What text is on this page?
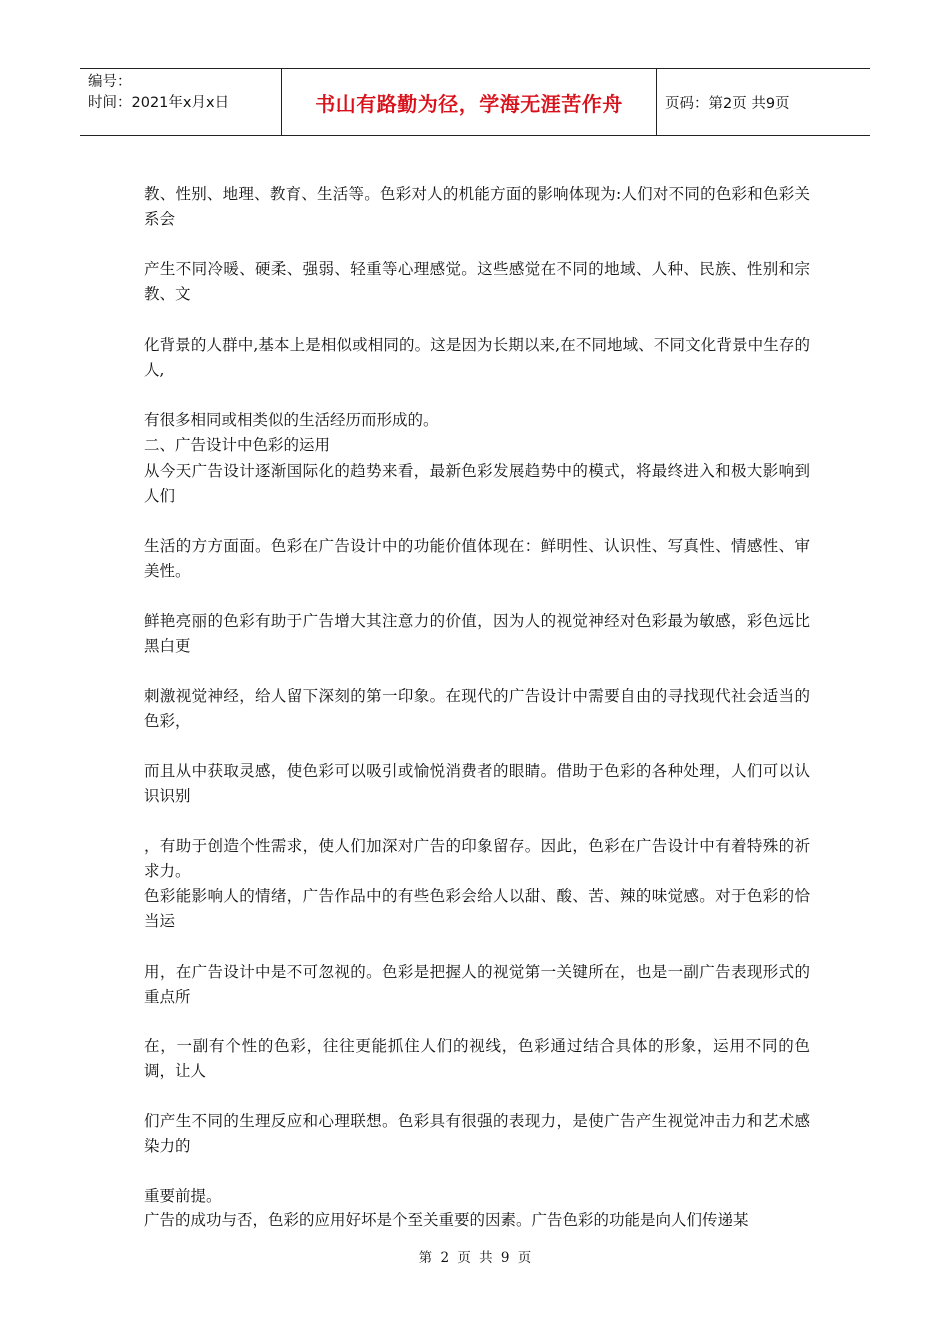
编号：
时间：2021年x月x日	书山有路勤为径，学海无涯苦作舟	页码：第2页 共9页
教、性别、地理、教育、生活等。色彩对人的机能方面的影响体现为:人们对不同的色彩和色彩关系会
产生不同冷暖、硬柔、强弱、轻重等心理感觉。这些感觉在不同的地域、人种、民族、性别和宗教、文
化背景的人群中,基本上是相似或相同的。这是因为长期以来,在不同地域、不同文化背景中生存的人,
有很多相同或相类似的生活经历而形成的。
二、广告设计中色彩的运用
从今天广告设计逐渐国际化的趋势来看，最新色彩发展趋势中的模式，将最终进入和极大影响到人们
生活的方方面面。色彩在广告设计中的功能价值体现在：鲜明性、认识性、写真性、情感性、审美性。
鲜艳亮丽的色彩有助于广告增大其注意力的价值，因为人的视觉神经对色彩最为敏感，彩色远比黑白更
刺激视觉神经，给人留下深刻的第一印象。在现代的广告设计中需要自由的寻找现代社会适当的色彩，
而且从中获取灵感，使色彩可以吸引或愉悦消费者的眼睛。借助于色彩的各种处理，人们可以认识识别
，有助于创造个性需求，使人们加深对广告的印象留存。因此，色彩在广告设计中有着特殊的祈求力。
色彩能影响人的情绪，广告作品中的有些色彩会给人以甜、酸、苦、辣的味觉感。对于色彩的恰当运
用，在广告设计中是不可忽视的。色彩是把握人的视觉第一关键所在，也是一副广告表现形式的重点所
在，一副有个性的色彩，往往更能抓住人们的视线，色彩通过结合具体的形象，运用不同的色调，让人
们产生不同的生理反应和心理联想。色彩具有很强的表现力，是使广告产生视觉冲击力和艺术感染力的
重要前提。
广告的成功与否，色彩的应用好坏是个至关重要的因素。广告色彩的功能是向人们传递某
第 2 页 共 9 页
